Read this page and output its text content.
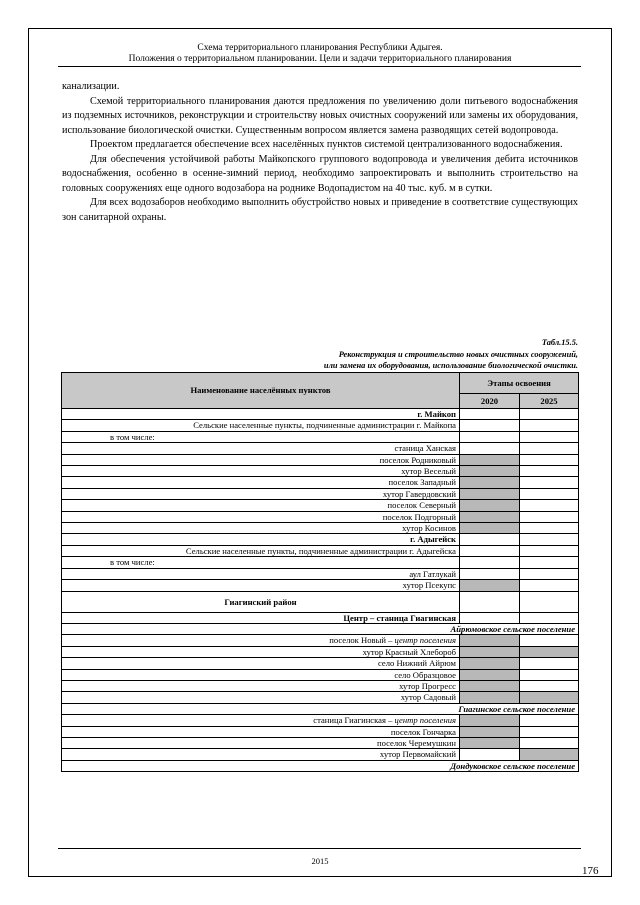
Схема территориального планирования Республики Адыгея.
Положения о территориальном планировании. Цели и задачи территориального планирования

канализации.

Схемой территориального планирования даются предложения по увеличению доли питьевого водоснабжения из подземных источников, реконструкции и строительству новых очистных сооружений или замены их оборудования, использование биологической очистки. Существенным вопросом является замена разводящих сетей водопровода.

Проектом предлагается обеспечение всех населённых пунктов системой централизованного водоснабжения.

Для обеспечения устойчивой работы Майкопского группового водопровода и увеличения дебита источников водоснабжения, особенно в осенне-зимний период, необходимо запроектировать и выполнить строительство на головных сооружениях еще одного водозабора на роднике Водопадистом на 40 тыс. куб. м в сутки.

Для всех водозаборов необходимо выполнить обустройство новых и приведение в соответствие существующих зон санитарной охраны.

Табл.15.5.
Реконструкция и строительство новых очистных сооружений,
или замена их оборудования, использование биологической очистки.
Наименование населённых пунктов	Этапы освоения	
	2020	2025
г. Майкоп		
Сельские населенные пункты, подчиненные администрации г. Майкопа		
в том числе:		
станица Ханская		
поселок Родниковый		
хутор Веселый		
поселок Западный		
хутор Гавердовский		
поселок Северный		
поселок Подгорный		
хутор Косинов		
г. Адыгейск		
Сельские населенные пункты, подчиненные администрации г. Адыгейска		
в том числе:		
аул Гатлукай		
хутор Псекупс		
Гиагинский район		
Центр – станица Гиагинская		
Айрюмовское сельское поселение		
поселок Новый – центр поселения		
хутор Красный Хлебороб		
село Нижний Айрюм		
село Образцовое		
хутор Прогресс		
хутор Садовый		
Гиагинское сельское поселение		
станица Гиагинская – центр поселения		
поселок Гончарка		
поселок Черемушкин		
хутор Первомайский		
Дондуковское сельское поселение		
2015
176
